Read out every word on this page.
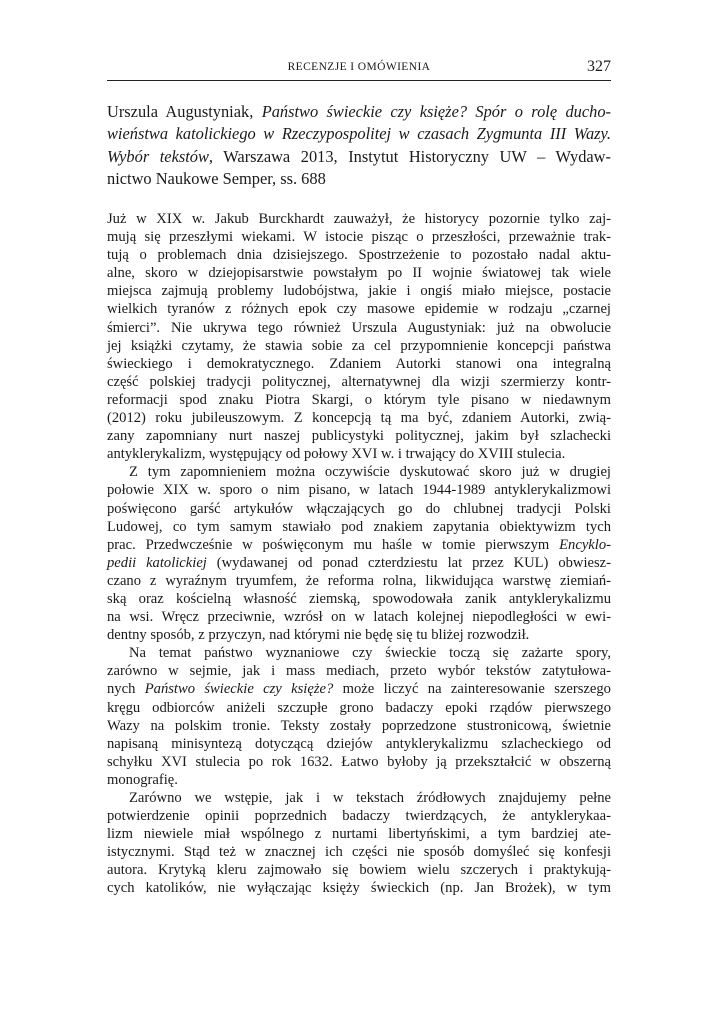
RECENZJE I OMÓWIENIA	327
Urszula Augustyniak, Państwo świeckie czy księże? Spór o rolę ducho-
wieństwa katolickiego w Rzeczypospolitej w czasach Zygmunta III Wazy.
Wybór tekstów, Warszawa 2013, Instytut Historyczny UW – Wydaw-
nictwo Naukowe Semper, ss. 688

Już w XIX w. Jakub Burckhardt zauważył, że historycy pozornie tylko zaj-
mują się przeszłymi wiekami. W istocie pisząc o przeszłości, przeważnie trak-
tują o problemach dnia dzisiejszego. Spostrzeżenie to pozostało nadal aktu-
alne, skoro w dziejopisarstwie powstałym po II wojnie światowej tak wiele
miejsca zajmują problemy ludobójstwa, jakie i ongiś miało miejsce, postacie
wielkich tyranów z różnych epok czy masowe epidemie w rodzaju „czarnej
śmierci”. Nie ukrywa tego również Urszula Augustyniak: już na obwolucie
jej książki czytamy, że stawia sobie za cel przypomnienie koncepcji państwa
świeckiego i demokratycznego. Zdaniem Autorki stanowi ona integralną
część polskiej tradycji politycznej, alternatywnej dla wizji szermierzy kontr-
reformacji spod znaku Piotra Skargi, o którym tyle pisano w niedawnym
(2012) roku jubileuszowym. Z koncepcją tą ma być, zdaniem Autorki, zwią-
zany zapomniany nurt naszej publicystyki politycznej, jakim był szlachecki
antyklerykalizm, występujący od połowy XVI w. i trwający do XVIII stulecia.

Z tym zapomnieniem można oczywiście dyskutować skoro już w drugiej
połowie XIX w. sporo o nim pisano, w latach 1944-1989 antyklerykalizmowi
poświęcono garść artykułów włączających go do chlubnej tradycji Polski
Ludowej, co tym samym stawiało pod znakiem zapytania obiektywizm tych
prac. Przedwcześnie w poświęconym mu haśle w tomie pierwszym Encyklo-
pedii katolickiej (wydawanej od ponad czterdziestu lat przez KUL) obwiesz-
czano z wyraźnym tryumfem, że reforma rolna, likwidująca warstwę ziemiań-
ską oraz kościelną własność ziemską, spowodowała zanik antyklerykalizmu
na wsi. Wręcz przeciwnie, wzrósł on w latach kolejnej niepodległości w ewi-
dentny sposób, z przyczyn, nad którymi nie będę się tu bliżej rozwodził.

Na temat państwo wyznaniowe czy świeckie toczą się zażarte spory,
zarówno w sejmie, jak i mass mediach, przeto wybór tekstów zatytułowa-
nych Państwo świeckie czy księże? może liczyć na zainteresowanie szerszego
kręgu odbiorców aniżeli szczupłe grono badaczy epoki rządów pierwszego
Wazy na polskim tronie. Teksty zostały poprzedzone stustronicową, świetnie
napisaną minisyntezą dotyczącą dziejów antyklerykalizmu szlacheckiego od
schyłku XVI stulecia po rok 1632. Łatwo byłoby ją przekształcić w obszerną
monografię.

Zarówno we wstępie, jak i w tekstach źródłowych znajdujemy pełne
potwierdzenie opinii poprzednich badaczy twierdzących, że antyklerykaa-
lizm niewiele miał wspólnego z nurtami libertyńskimi, a tym bardziej ate-
istycznymi. Stąd też w znacznej ich części nie sposób domyśleć się konfesji
autora. Krytyką kleru zajmowało się bowiem wielu szczerych i praktykują-
cych katolików, nie wyłączając księży świeckich (np. Jan Brożek), w tym
